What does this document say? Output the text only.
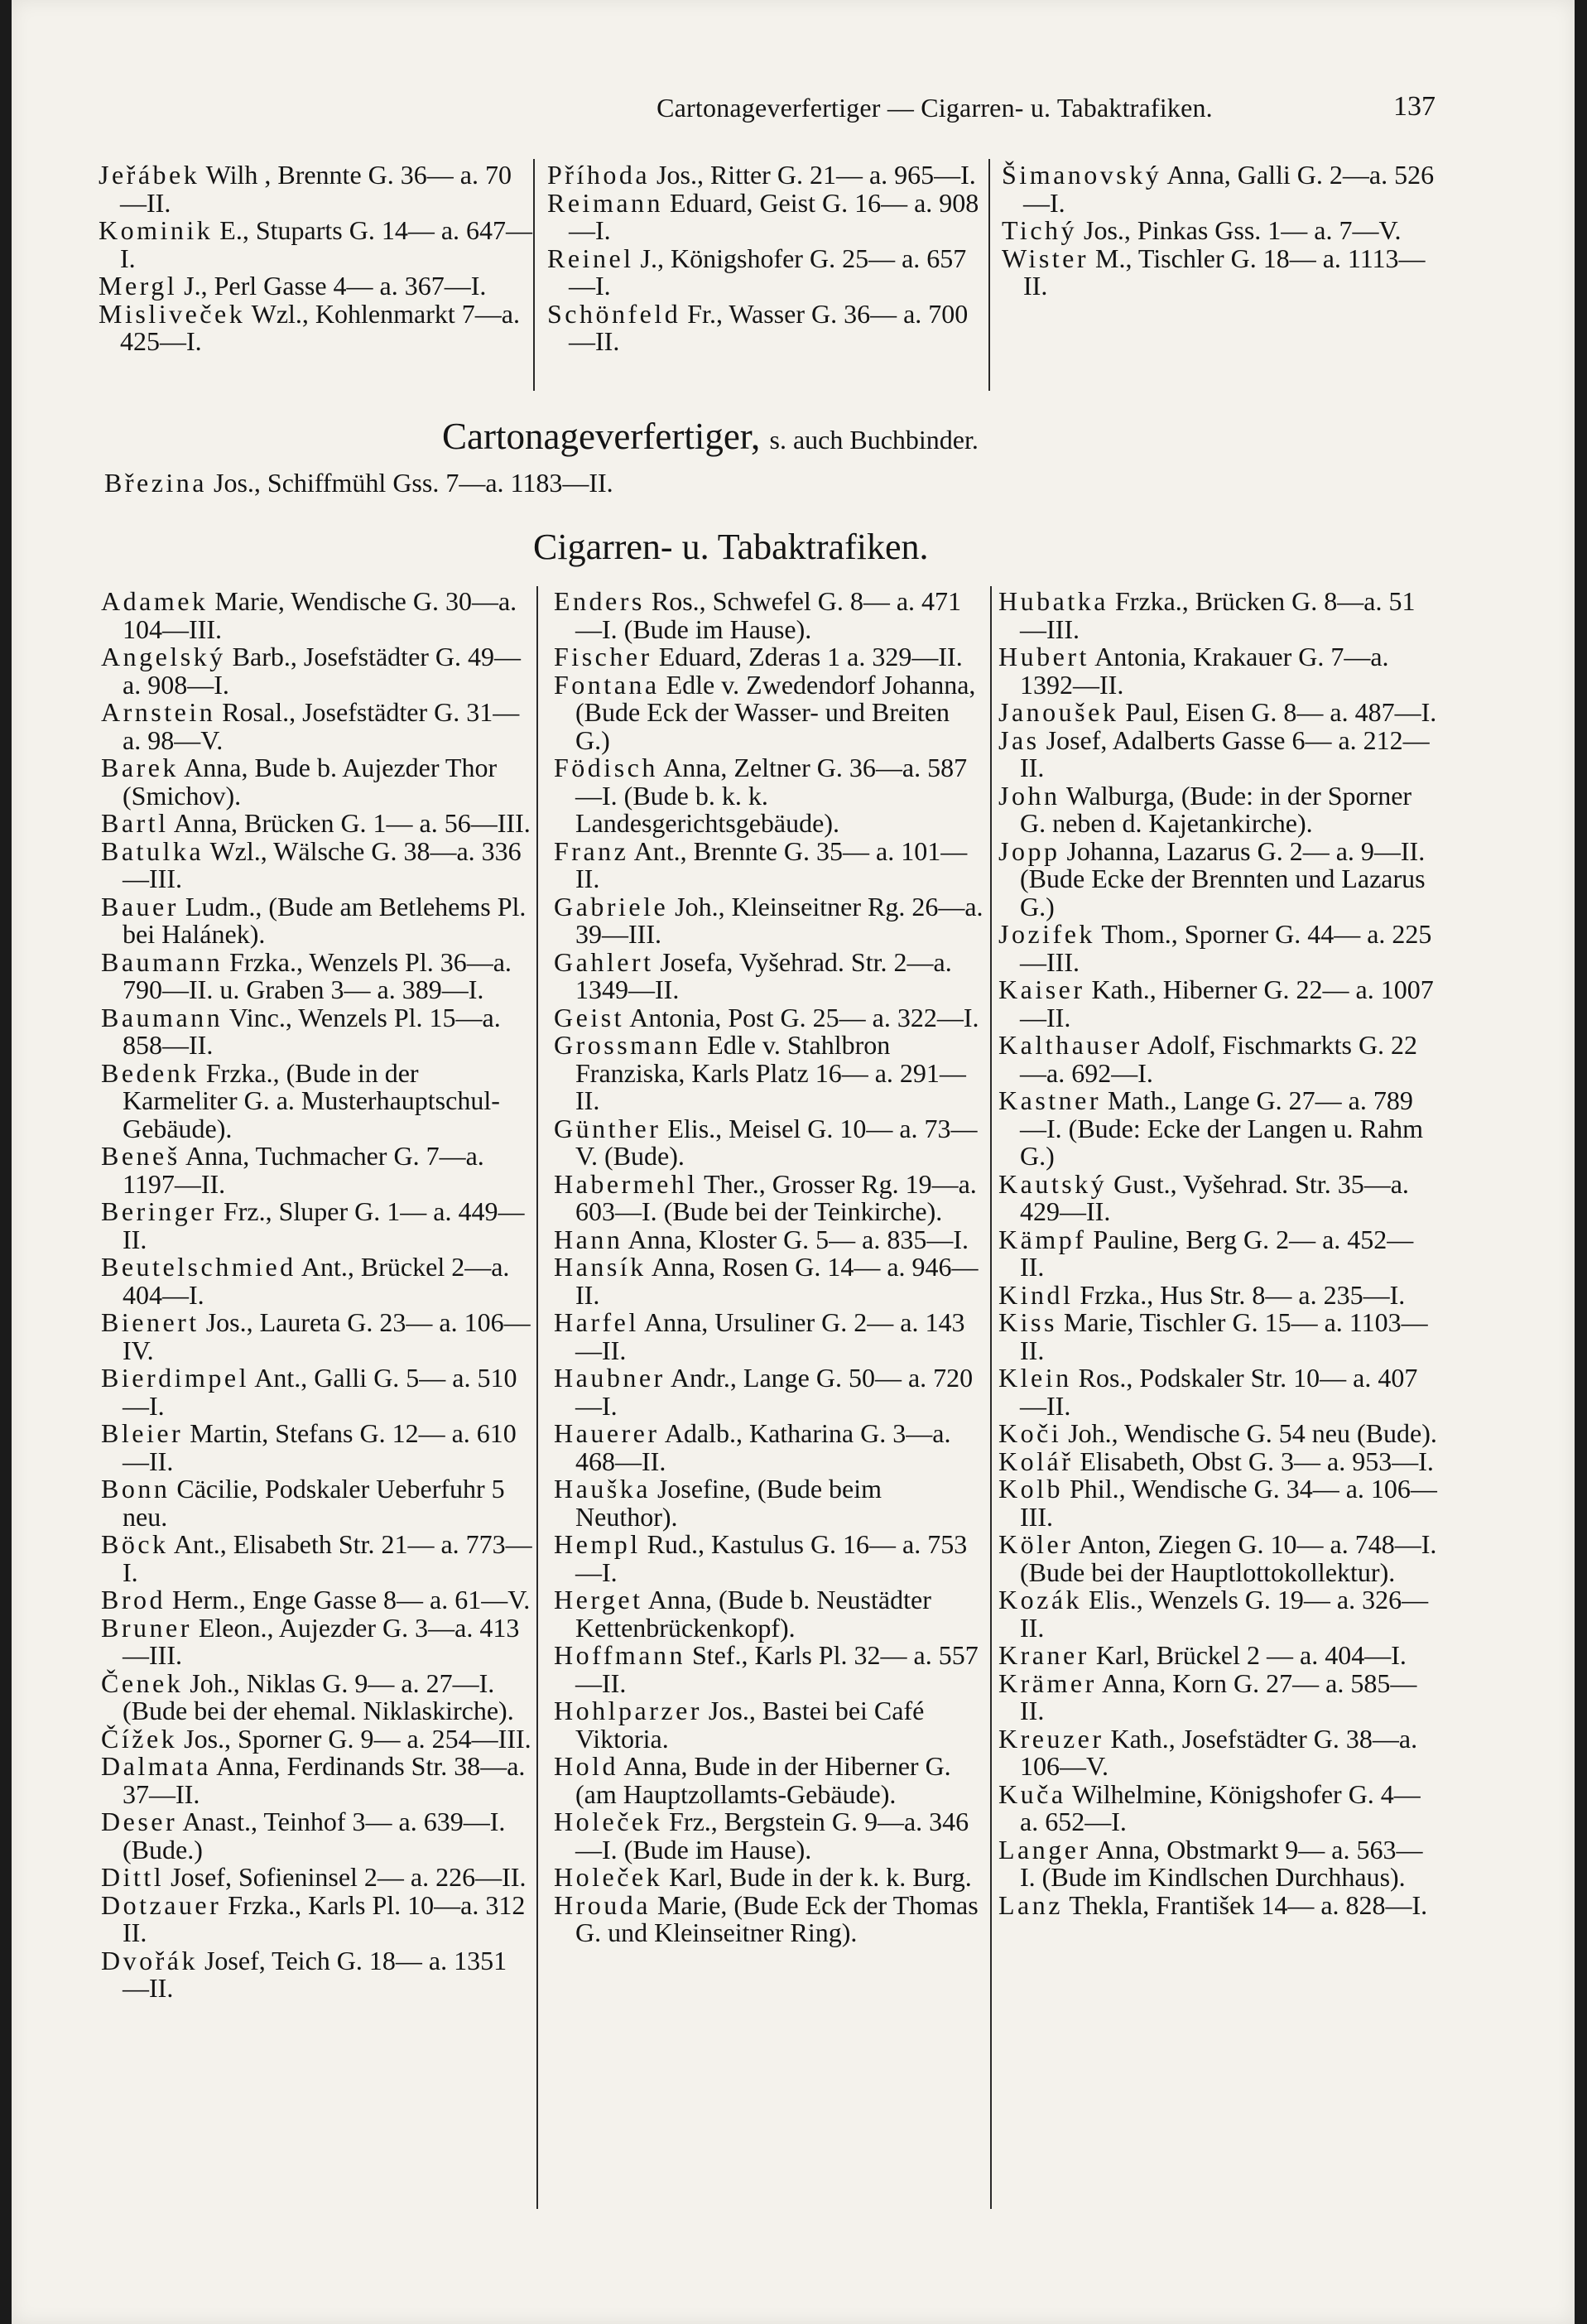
Cartonageverfertiger — Cigarren- u. Tabaktrafiken.	137
Jeřábek Wilh , Brennte G. 36— a. 70—II.
Kominik E., Stuparts G. 14— a. 647—I.
Mergl J., Perl Gasse 4— a. 367—I.
Misliveček Wzl., Kohlenmarkt 7—a. 425—I.
Příhoda Jos., Ritter G. 21— a. 965—I.
Reimann Eduard, Geist G. 16— a. 908—I.
Reinel J., Königshofer G. 25— a. 657—I.
Schönfeld Fr., Wasser G. 36— a. 700—II.
Šimanovský Anna, Galli G. 2—a. 526—I.
Tichý Jos., Pinkas Gss. 1— a. 7—V.
Wister M., Tischler G. 18— a. 1113—II.
Cartonageverfertiger, s. auch Buchbinder.
Březina Jos., Schiffmühl Gss. 7—a. 1183—II.
Cigarren- u. Tabaktrafiken.
Adamek Marie, Wendische G. 30—a. 104—III.
Angelský Barb., Josefstädter G. 49—a. 908—I.
Arnstein Rosal., Josefstädter G. 31—a. 98—V.
Barek Anna, Bude b. Aujezder Thor (Smichov).
Bartl Anna, Brücken G. 1— a. 56—III.
Batulka Wzl., Wälsche G. 38—a. 336—III.
Bauer Ludm., (Bude am Betlehems Pl. bei Halánek).
Baumann Frzka., Wenzels Pl. 36—a. 790—II. u. Graben 3— a. 389—I.
Baumann Vinc., Wenzels Pl. 15—a. 858—II.
Bedenk Frzka., (Bude in der Karmeliter G. a. Musterhauptschul-Gebäude).
Beneš Anna, Tuchmacher G. 7—a. 1197—II.
Beringer Frz., Sluper G. 1— a. 449—II.
Beutelschmied Ant., Brückel 2—a. 404—I.
Bienert Jos., Laureta G. 23— a. 106—IV.
Bierdimpel Ant., Galli G. 5— a. 510—I.
Bleier Martin, Stefans G. 12— a. 610—II.
Bonn Cäcilie, Podskaler Ueberfuhr 5 neu.
Böck Ant., Elisabeth Str. 21— a. 773—I.
Brod Herm., Enge Gasse 8— a. 61—V.
Bruner Eleon., Aujezder G. 3—a. 413—III.
Čenek Joh., Niklas G. 9— a. 27—I. (Bude bei der ehemal. Niklaskirche).
Čížek Jos., Sporner G. 9— a. 254—III.
Dalmata Anna, Ferdinands Str. 38—a. 37—II.
Deser Anast., Teinhof 3— a. 639—I. (Bude.)
Dittl Josef, Sofieninsel 2— a. 226—II.
Dotzauer Frzka., Karls Pl. 10—a. 312 II.
Dvořák Josef, Teich G. 18— a. 1351—II.
Enders Ros., Schwefel G. 8— a. 471—I. (Bude im Hause).
Fischer Eduard, Zderas 1 a. 329—II.
Fontana Edle v. Zwedendorf Johanna, (Bude Eck der Wasser- und Breiten G.)
Födisch Anna, Zeltner G. 36—a. 587—I. (Bude b. k. k. Landesgerichtsgebäude).
Franz Ant., Brennte G. 35— a. 101—II.
Gabriele Joh., Kleinseitner Rg. 26—a. 39—III.
Gahlert Josefa, Vyšehrad. Str. 2—a. 1349—II.
Geist Antonia, Post G. 25— a. 322—I.
Grossmann Edle v. Stahlbron Franziska, Karls Platz 16— a. 291—II.
Günther Elis., Meisel G. 10— a. 73—V. (Bude).
Habermehl Ther., Grosser Rg. 19—a. 603—I. (Bude bei der Teinkirche).
Hann Anna, Kloster G. 5— a. 835—I.
Hansík Anna, Rosen G. 14— a. 946—II.
Harfel Anna, Ursuliner G. 2— a. 143—II.
Haubner Andr., Lange G. 50— a. 720—I.
Hauerer Adalb., Katharina G. 3—a. 468—II.
Hauška Josefine, (Bude beim Neuthor).
Hempl Rud., Kastulus G. 16— a. 753—I.
Herget Anna, (Bude b. Neustädter Kettenbrückenkopf).
Hoffmann Stef., Karls Pl. 32— a. 557—II.
Hohlparzer Jos., Bastei bei Café Viktoria.
Hold Anna, Bude in der Hiberner G. (am Hauptzollamts-Gebäude).
Holeček Frz., Bergstein G. 9—a. 346—I. (Bude im Hause).
Holeček Karl, Bude in der k. k. Burg.
Hrouda Marie, (Bude Eck der Thomas G. und Kleinseitner Ring).
Hubatka Frzka., Brücken G. 8—a. 51—III.
Hubert Antonia, Krakauer G. 7—a. 1392—II.
Janoušek Paul, Eisen G. 8— a. 487—I.
Jas Josef, Adalberts Gasse 6— a. 212—II.
John Walburga, (Bude: in der Sporner G. neben d. Kajetankirche).
Jopp Johanna, Lazarus G. 2— a. 9—II. (Bude Ecke der Brennten und Lazarus G.)
Jozifek Thom., Sporner G. 44— a. 225—III.
Kaiser Kath., Hiberner G. 22— a. 1007—II.
Kalthauser Adolf, Fischmarkts G. 22—a. 692—I.
Kastner Math., Lange G. 27— a. 789—I. (Bude: Ecke der Langen u. Rahm G.)
Kautský Gust., Vyšehrad. Str. 35—a. 429—II.
Kämpf Pauline, Berg G. 2— a. 452—II.
Kindl Frzka., Hus Str. 8— a. 235—I.
Kiss Marie, Tischler G. 15— a. 1103—II.
Klein Ros., Podskaler Str. 10— a. 407—II.
Koči Joh., Wendische G. 54 neu (Bude).
Kolář Elisabeth, Obst G. 3— a. 953—I.
Kolb Phil., Wendische G. 34— a. 106—III.
Köler Anton, Ziegen G. 10— a. 748—I. (Bude bei der Hauptlottokollektur).
Kozák Elis., Wenzels G. 19— a. 326—II.
Kraner Karl, Brückel 2 — a. 404—I.
Krämer Anna, Korn G. 27— a. 585—II.
Kreuzer Kath., Josefstädter G. 38—a. 106—V.
Kuča Wilhelmine, Königshofer G. 4—a. 652—I.
Langer Anna, Obstmarkt 9— a. 563—I. (Bude im Kindlschen Durchhaus).
Lanz Thekla, František 14— a. 828—I.
